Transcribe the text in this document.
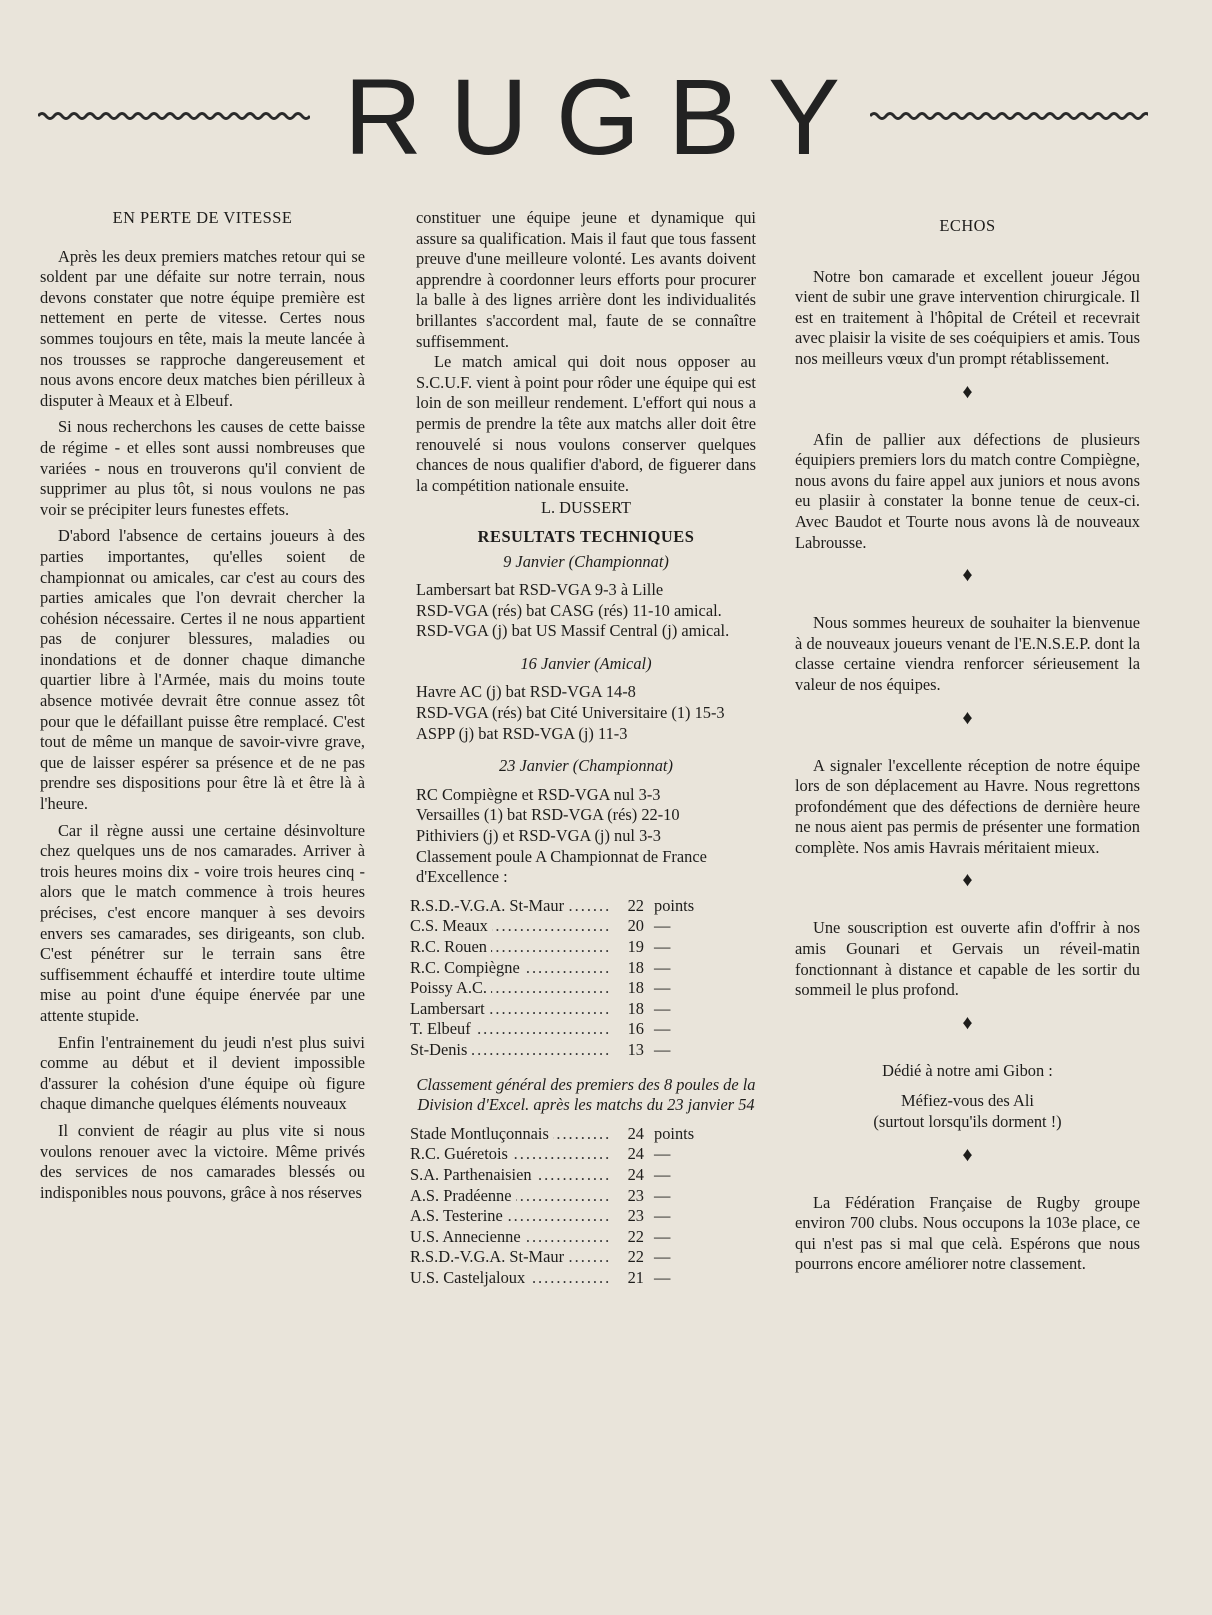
RUGBY
EN PERTE DE VITESSE

Après les deux premiers matches retour qui se soldent par une défaite sur notre terrain, nous devons constater que notre équipe première est nettement en perte de vitesse. Certes nous sommes toujours en tête, mais la meute lancée à nos trousses se rapproche dangereusement et nous avons encore deux matches bien périlleux à disputer à Meaux et à Elbeuf.

Si nous recherchons les causes de cette baisse de régime - et elles sont aussi nombreuses que variées - nous en trouverons qu'il convient de supprimer au plus tôt, si nous voulons ne pas voir se précipiter leurs funestes effets.

D'abord l'absence de certains joueurs à des parties importantes, qu'elles soient de championnat ou amicales, car c'est au cours des parties amicales que l'on devrait chercher la cohésion nécessaire. Certes il ne nous appartient pas de conjurer blessures, maladies ou inondations et de donner chaque dimanche quartier libre à l'Armée, mais du moins toute absence motivée devrait être connue assez tôt pour que le défaillant puisse être remplacé. C'est tout de même un manque de savoir-vivre grave, que de laisser espérer sa présence et de ne pas prendre ses dispositions pour être là et être là à l'heure.

Car il règne aussi une certaine désinvolture chez quelques uns de nos camarades. Arriver à trois heures moins dix - voire trois heures cinq - alors que le match commence à trois heures précises, c'est encore manquer à ses devoirs envers ses camarades, ses dirigeants, son club. C'est pénétrer sur le terrain sans être suffisemment échauffé et interdire toute ultime mise au point d'une équipe énervée par une attente stupide.

Enfin l'entrainement du jeudi n'est plus suivi comme au début et il devient impossible d'assurer la cohésion d'une équipe où figure chaque dimanche quelques éléments nouveaux

Il convient de réagir au plus vite si nous voulons renouer avec la victoire. Même privés des services de nos camarades blessés ou indisponibles nous pouvons, grâce à nos réserves

constituer une équipe jeune et dynamique qui assure sa qualification. Mais il faut que tous fassent preuve d'une meilleure volonté. Les avants doivent apprendre à coordonner leurs efforts pour procurer la balle à des lignes arrière dont les individualités brillantes s'accordent mal, faute de se connaître suffisemment.

Le match amical qui doit nous opposer au S.C.U.F. vient à point pour rôder une équipe qui est loin de son meilleur rendement. L'effort qui nous a permis de prendre la tête aux matchs aller doit être renouvelé si nous voulons conserver quelques chances de nous qualifier d'abord, de figuerer dans la compétition nationale ensuite.

L. DUSSERT
RESULTATS TECHNIQUES
9 Janvier (Championnat)
Lambersart bat RSD-VGA 9-3 à Lille
RSD-VGA (rés) bat CASG (rés) 11-10 amical.
RSD-VGA (j) bat US Massif Central (j) amical.
16 Janvier (Amical)
Havre AC (j) bat RSD-VGA 14-8
RSD-VGA (rés) bat Cité Universitaire (1) 15-3
ASPP (j) bat RSD-VGA (j) 11-3
23 Janvier (Championnat)
RC Compiègne et RSD-VGA nul 3-3
Versailles (1) bat RSD-VGA (rés) 22-10
Pithiviers (j) et RSD-VGA (j) nul 3-3
Classement poule A Championnat de France d'Excellence :
R.S.D.-V.G.A. St-Maur .....	22	points
C.S. Meaux .....	20	—
R.C. Rouen .....	19	—
R.C. Compiègne .....	18	—
Poissy A.C. .....	18	—
Lambersart .....	18	—
T. Elbeuf .....	16	—
St-Denis .....	13	—
Classement général des premiers des 8 poules de la Division d'Excel. après les matchs du 23 janvier 54
Stade Montluçonnais .....	24	points
R.C. Guéretois .....	24	—
S.A. Parthenaisien .....	24	—
A.S. Pradéenne .....	23	—
A.S. Testerine .....	23	—
U.S. Annecienne .....	22	—
R.S.D.-V.G.A. St-Maur .....	22	—
U.S. Casteljaloux .....	21	—
ECHOS

Notre bon camarade et excellent joueur Jégou vient de subir une grave intervention chirurgicale. Il est en traitement à l'hôpital de Créteil et recevrait avec plaisir la visite de ses coéquipiers et amis. Tous nos meilleurs vœux d'un prompt rétablissement.

♦

Afin de pallier aux défections de plusieurs équipiers premiers lors du match contre Compiègne, nous avons du faire appel aux juniors et nous avons eu plasiir à constater la bonne tenue de ceux-ci. Avec Baudot et Tourte nous avons là de nouveaux Labrousse.

♦

Nous sommes heureux de souhaiter la bienvenue à de nouveaux joueurs venant de l'E.N.S.E.P. dont la classe certaine viendra renforcer sérieusement la valeur de nos équipes.

♦

A signaler l'excellente réception de notre équipe lors de son déplacement au Havre. Nous regrettons profondément que des défections de dernière heure ne nous aient pas permis de présenter une formation complète. Nos amis Havrais méritaient mieux.

♦

Une souscription est ouverte afin d'offrir à nos amis Gounari et Gervais un réveil-matin fonctionnant à distance et capable de les sortir du sommeil le plus profond.

♦
Dédié à notre ami Gibon :
Méfiez-vous des Ali
(surtout lorsqu'ils dorment !)
♦

La Fédération Française de Rugby groupe environ 700 clubs. Nous occupons la 103e place, ce qui n'est pas si mal que celà. Espérons que nous pourrons encore améliorer notre classement.
